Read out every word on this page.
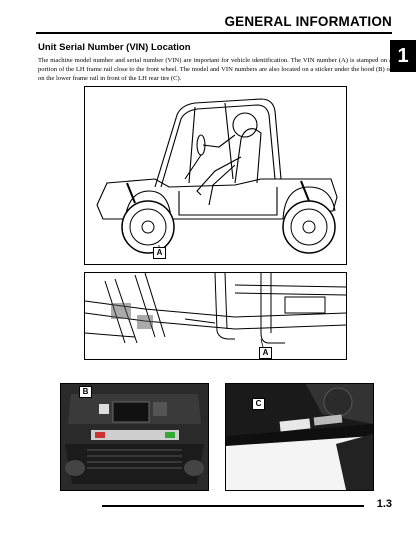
GENERAL INFORMATION
1
Unit Serial Number (VIN) Location

The machine model number and serial number (VIN) are important for vehicle identification. The VIN number (A) is stamped on a portion of the LH frame rail close to the front wheel. The model and VIN numbers are also located on a sticker under the hood (B) or on the lower frame rail in front of the LH rear tire (C).

A
A
B
C
1.3
